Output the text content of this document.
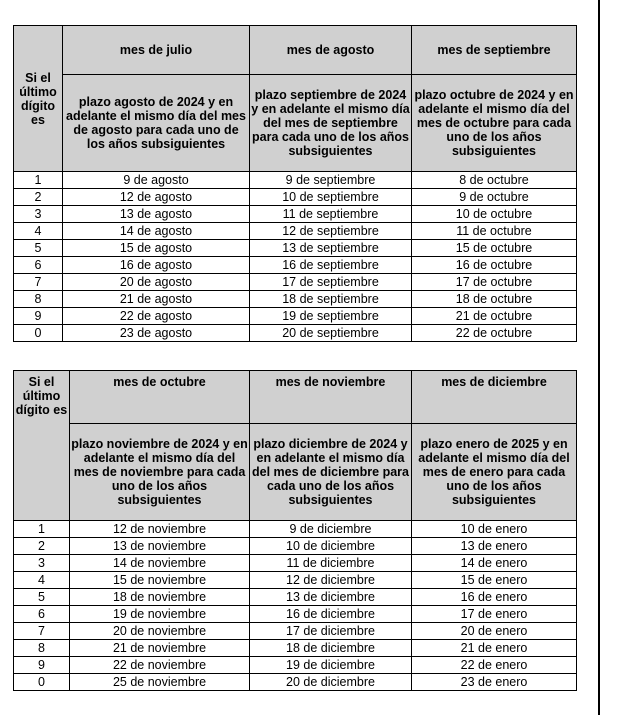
Si el último dígito es	mes de julio	mes de agosto	mes de septiembre
	plazo agosto de 2024 y en adelante el mismo día del mes de agosto para cada uno de los años subsiguientes	plazo septiembre de 2024 y en adelante el mismo día del mes de septiembre para cada uno de los años subsiguientes	plazo octubre de 2024 y en adelante el mismo día del mes de octubre para cada uno de los años subsiguientes
1	9 de agosto	9 de septiembre	8 de octubre
2	12 de agosto	10 de septiembre	9 de octubre
3	13 de agosto	11 de septiembre	10 de octubre
4	14 de agosto	12 de septiembre	11 de octubre
5	15 de agosto	13 de septiembre	15 de octubre
6	16 de agosto	16 de septiembre	16 de octubre
7	20 de agosto	17 de septiembre	17 de octubre
8	21 de agosto	18 de septiembre	18 de octubre
9	22 de agosto	19 de septiembre	21 de octubre
0	23 de agosto	20 de septiembre	22 de octubre
Si el último dígito es	mes de octubre	mes de noviembre	mes de diciembre
	plazo noviembre de 2024 y en adelante el mismo día del mes de noviembre para cada uno de los años subsiguientes	plazo diciembre de 2024 y en adelante el mismo día del mes de diciembre para cada uno de los años subsiguientes	plazo enero de 2025 y en adelante el mismo día del mes de enero para cada uno de los años subsiguientes
1	12 de noviembre	9 de diciembre	10 de enero
2	13 de noviembre	10 de diciembre	13 de enero
3	14 de noviembre	11 de diciembre	14 de enero
4	15 de noviembre	12 de diciembre	15 de enero
5	18 de noviembre	13 de diciembre	16 de enero
6	19 de noviembre	16 de diciembre	17 de enero
7	20 de noviembre	17 de diciembre	20 de enero
8	21 de noviembre	18 de diciembre	21 de enero
9	22 de noviembre	19 de diciembre	22 de enero
0	25 de noviembre	20 de diciembre	23 de enero
